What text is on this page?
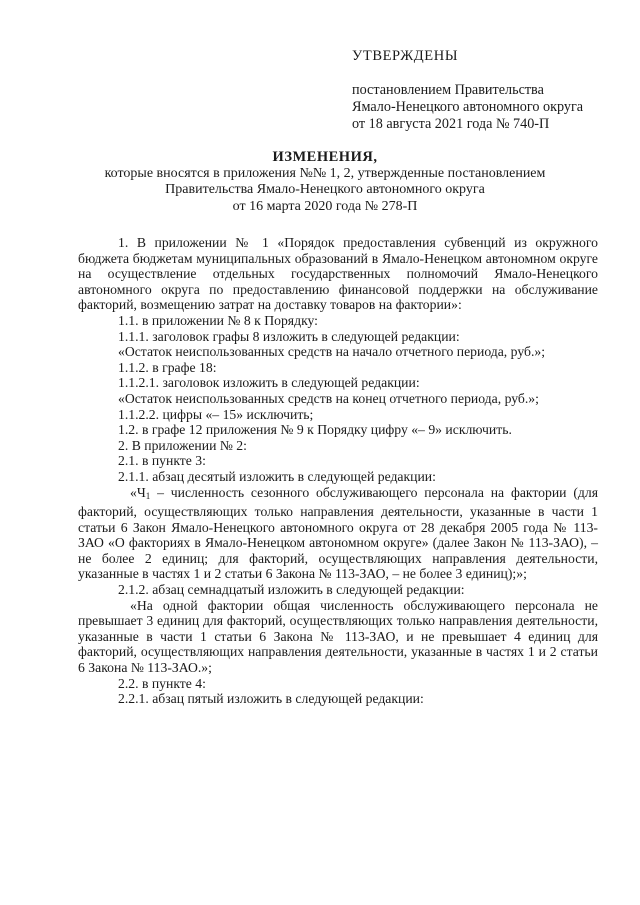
УТВЕРЖДЕНЫ
постановлением Правительства
Ямало-Ненецкого автономного округа
от 18 августа 2021 года № 740-П
ИЗМЕНЕНИЯ,
которые вносятся в приложения №№ 1, 2, утвержденные постановлением
Правительства Ямало-Ненецкого автономного округа
от 16 марта 2020 года № 278-П

1. В приложении № 1 «Порядок предоставления субвенций из окружного бюджета бюджетам муниципальных образований в Ямало-Ненецком автономном округе на осуществление отдельных государственных полномочий Ямало-Ненецкого автономного округа по предоставлению финансовой поддержки на обслуживание факторий, возмещению затрат на доставку товаров на фактории»:

1.1. в приложении № 8 к Порядку:

1.1.1. заголовок графы 8 изложить в следующей редакции:

«Остаток неиспользованных средств на начало отчетного периода, руб.»;

1.1.2. в графе 18:

1.1.2.1. заголовок изложить в следующей редакции:

«Остаток неиспользованных средств на конец отчетного периода, руб.»;

1.1.2.2. цифры «– 15» исключить;

1.2. в графе 12 приложения № 9 к Порядку цифру «– 9» исключить.

2. В приложении № 2:

2.1. в пункте 3:

2.1.1. абзац десятый изложить в следующей редакции:

«$Ч_1$ – численность сезонного обслуживающего персонала на фактории (для факторий, осуществляющих только направления деятельности, указанные в части 1 статьи 6 Закон Ямало-Ненецкого автономного округа от 28 декабря 2005 года № 113-ЗАО «О факториях в Ямало-Ненецком автономном округе» (далее Закон № 113-ЗАО), – не более 2 единиц; для факторий, осуществляющих направления деятельности, указанные в частях 1 и 2 статьи 6 Закона № 113-ЗАО, – не более 3 единиц);»;

2.1.2. абзац семнадцатый изложить в следующей редакции:

«На одной фактории общая численность обслуживающего персонала не превышает 3 единиц для факторий, осуществляющих только направления деятельности, указанные в части 1 статьи 6 Закона № 113-ЗАО, и не превышает 4 единиц для факторий, осуществляющих направления деятельности, указанные в частях 1 и 2 статьи 6 Закона № 113-ЗАО.»;

2.2. в пункте 4:

2.2.1. абзац пятый изложить в следующей редакции:
